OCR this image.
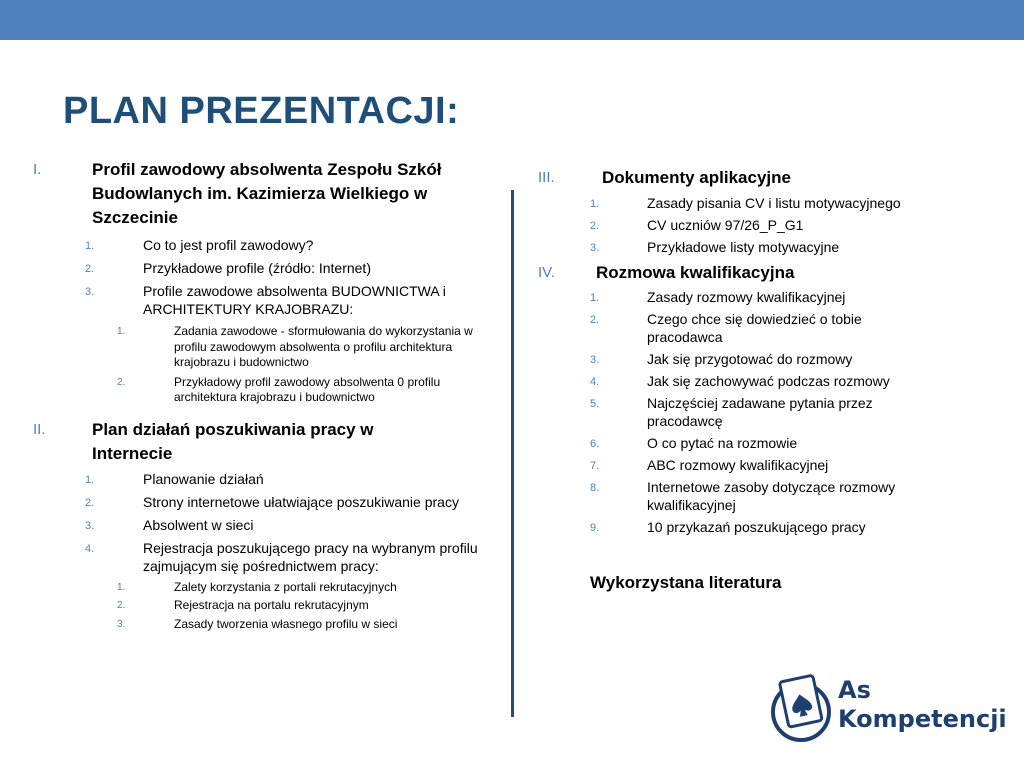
PLAN PREZENTACJI:
I.	Profil zawodowy absolwenta Zespołu Szkół Budowlanych im. Kazimierza Wielkiego w Szczecinie
1.	Co to jest profil zawodowy?
2.	Przykładowe profile (źródło: Internet)
3.	Profile zawodowe absolwenta BUDOWNICTWA i ARCHITEKTURY KRAJOBRAZU:
1.	Zadania zawodowe - sformułowania do wykorzystania w profilu zawodowym absolwenta o profilu architektura krajobrazu i budownictwo
2.	Przykładowy profil zawodowy absolwenta 0 profilu architektura krajobrazu i budownictwo
II.	Plan działań poszukiwania pracy w Internecie
1.	Planowanie działań
2.	Strony internetowe ułatwiające poszukiwanie pracy
3.	Absolwent w sieci
4.	Rejestracja poszukującego pracy na wybranym profilu zajmującym się pośrednictwem pracy:
1.	Zalety korzystania z portali rekrutacyjnych
2.	Rejestracja na portalu rekrutacyjnym
3.	Zasady tworzenia własnego profilu w sieci
III.	Dokumenty aplikacyjne
1.	Zasady pisania CV i listu motywacyjnego
2.	CV uczniów 97/26_P_G1
3.	Przykładowe listy motywacyjne
IV. Rozmowa kwalifikacyjna
1.	Zasady rozmowy kwalifikacyjnej
2.	Czego chce się dowiedzieć o tobie pracodawca
3.	Jak się przygotować do rozmowy
4.	Jak się zachowywać podczas rozmowy
5.	Najczęściej zadawane pytania przez pracodawcę
6.	O co pytać na rozmowie
7.	ABC rozmowy kwalifikacyjnej
8.	Internetowe zasoby dotyczące rozmowy kwalifikacyjnej
9.	10 przykazań poszukującego pracy
Wykorzystana literatura
As
Kompetencji
